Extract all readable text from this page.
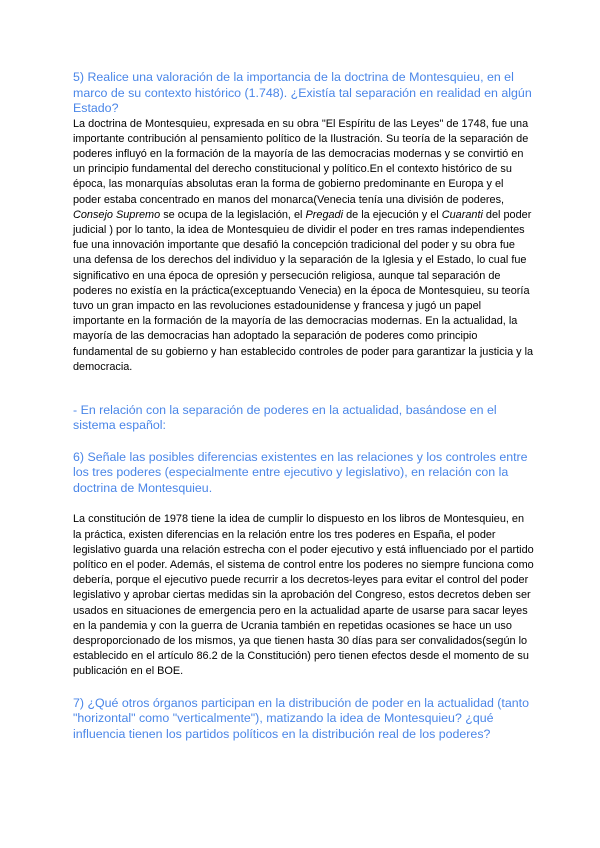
5) Realice una valoración de la importancia de la doctrina de Montesquieu, en el marco de su contexto histórico (1.748). ¿Existía tal separación en realidad en algún Estado?

La doctrina de Montesquieu, expresada en su obra "El Espíritu de las Leyes" de 1748, fue una importante contribución al pensamiento político de la Ilustración. Su teoría de la separación de poderes influyó en la formación de la mayoría de las democracias modernas y se convirtió en un principio fundamental del derecho constitucional y político.En el contexto histórico de su época, las monarquías absolutas eran la forma de gobierno predominante en Europa y el poder estaba concentrado en manos del monarca(Venecia tenía una división de poderes, Consejo Supremo se ocupa de la legislación, el Pregadi de la ejecución y el Cuaranti del poder judicial ) por lo tanto, la idea de Montesquieu de dividir el poder en tres ramas independientes fue una innovación importante que desafió la concepción tradicional del poder y su obra fue una defensa de los derechos del individuo y la separación de la Iglesia y el Estado, lo cual fue significativo en una época de opresión y persecución religiosa, aunque tal separación de poderes no existía en la práctica(exceptuando Venecia) en la época de Montesquieu, su teoría tuvo un gran impacto en las revoluciones estadounidense y francesa y jugó un papel importante en la formación de la mayoría de las democracias modernas. En la actualidad, la mayoría de las democracias han adoptado la separación de poderes como principio fundamental de su gobierno y han establecido controles de poder para garantizar la justicia y la democracia.

- En relación con la separación de poderes en la actualidad, basándose en el sistema español:

6) Señale las posibles diferencias existentes en las relaciones y los controles entre los tres poderes (especialmente entre ejecutivo y legislativo), en relación con la doctrina de Montesquieu.

La constitución de 1978 tiene la idea de cumplir lo dispuesto en los libros de Montesquieu, en la práctica, existen diferencias en la relación entre los tres poderes en España, el poder legislativo guarda una relación estrecha con el poder ejecutivo y está influenciado por el partido político en el poder. Además, el sistema de control entre los poderes no siempre funciona como debería, porque el ejecutivo puede recurrir a los decretos-leyes para evitar el control del poder legislativo y aprobar ciertas medidas sin la aprobación del Congreso, estos decretos deben ser usados en situaciones de emergencia pero en la actualidad aparte de usarse para sacar leyes en la pandemia y con la guerra de Ucrania también en repetidas ocasiones se hace un uso desproporcionado de los mismos, ya que tienen hasta 30 días para ser convalidados(según lo establecido en el artículo 86.2 de la Constitución) pero tienen efectos desde el momento de su publicación en el BOE.

7) ¿Qué otros órganos participan en la distribución de poder en la actualidad (tanto "horizontal" como "verticalmente"), matizando la idea de Montesquieu? ¿qué influencia tienen los partidos políticos en la distribución real de los poderes?
